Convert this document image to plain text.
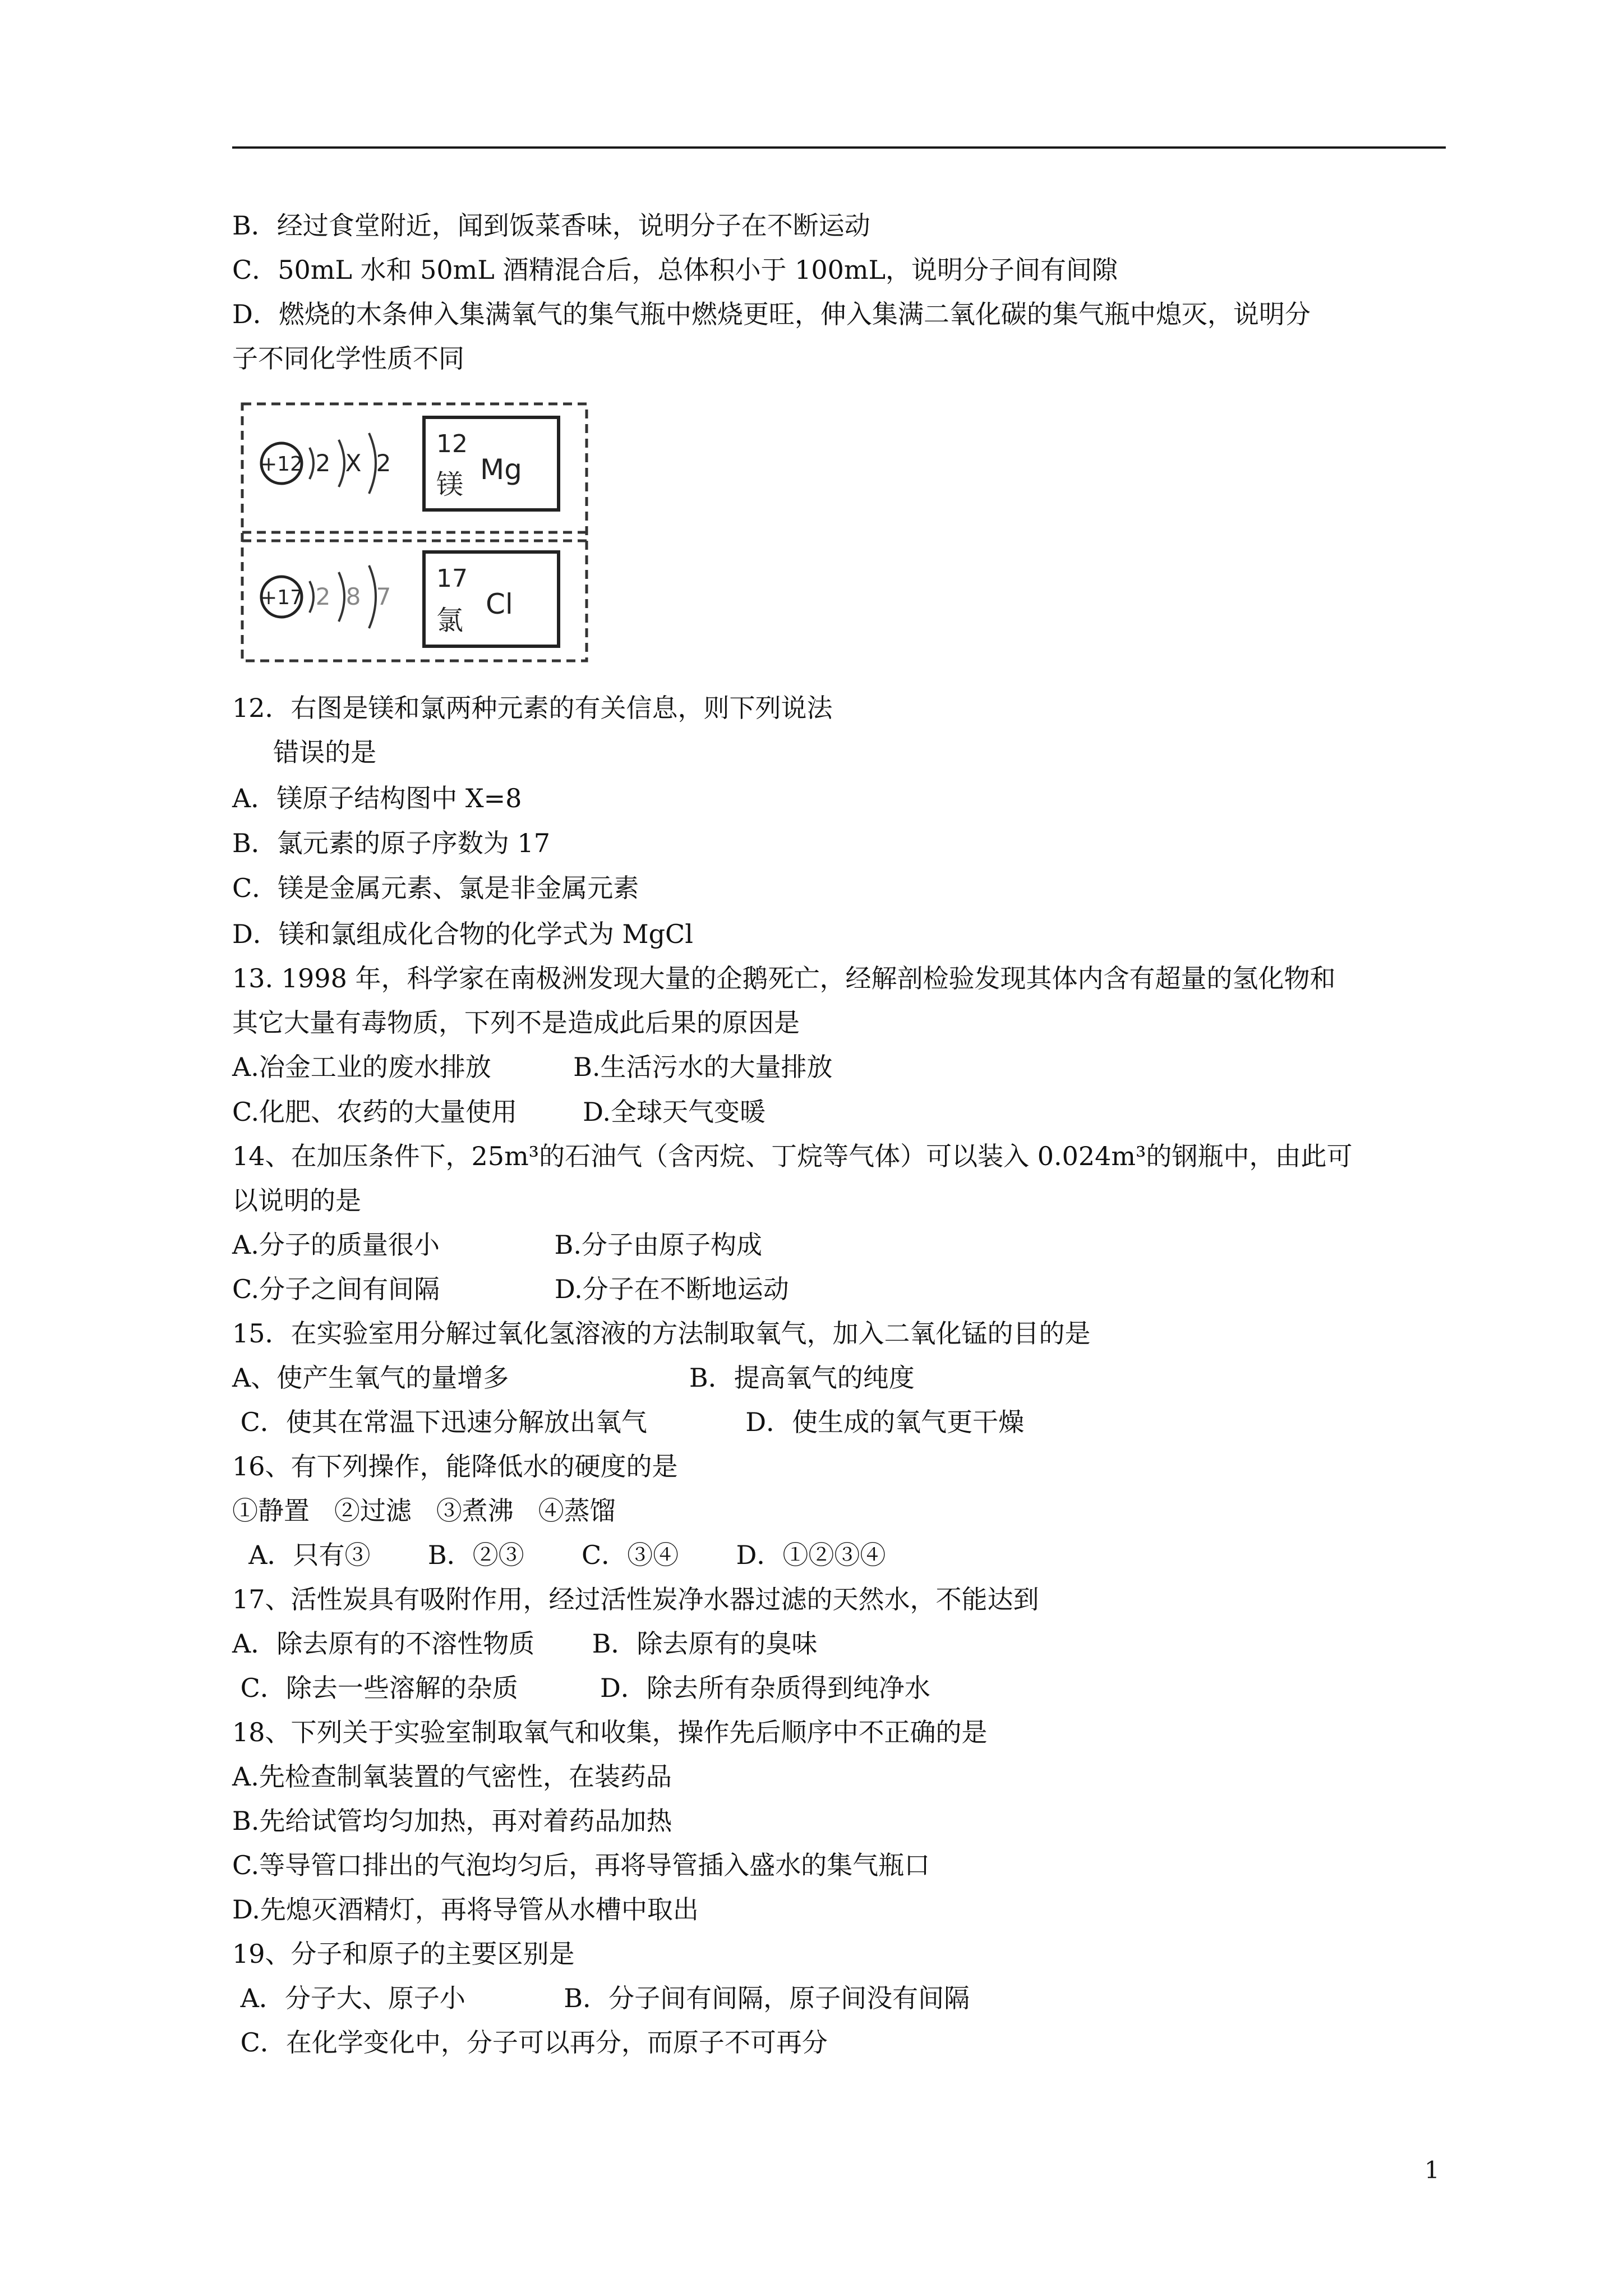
B．经过食堂附近，闻到饭菜香味，说明分子在不断运动
C．50mL 水和 50mL 酒精混合后，总体积小于 100mL，说明分子间有间隙
D．燃烧的木条伸入集满氧气的集气瓶中燃烧更旺，伸入集满二氧化碳的集气瓶中熄灭，说明分
子不同化学性质不同
+12 2 X 2
12
镁 Mg
+17 2 8 7
17
氯 Cl
12．右图是镁和氯两种元素的有关信息，则下列说法
错误的是
A．镁原子结构图中 X=8
B．氯元素的原子序数为 17
C．镁是金属元素、氯是非金属元素
D．镁和氯组成化合物的化学式为 MgCl
13. 1998 年，科学家在南极洲发现大量的企鹅死亡，经解剖检验发现其体内含有超量的氢化物和
其它大量有毒物质，下列不是造成此后果的原因是
A.冶金工业的废水排放          B.生活污水的大量排放
C.化肥、农药的大量使用        D.全球天气变暖
14、在加压条件下，25m³的石油气（含丙烷、丁烷等气体）可以装入 0.024m³的钢瓶中，由此可
以说明的是
A.分子的质量很小              B.分子由原子构成
C.分子之间有间隔              D.分子在不断地运动
15．在实验室用分解过氧化氢溶液的方法制取氧气，加入二氧化锰的目的是
A、使产生氧气的量增多                      B．提高氧气的纯度
C．使其在常温下迅速分解放出氧气            D．使生成的氧气更干燥
16、有下列操作，能降低水的硬度的是
①静置   ②过滤   ③煮沸   ④蒸馏
A．只有③       B．②③       C．③④       D．①②③④
17、活性炭具有吸附作用，经过活性炭净水器过滤的天然水，不能达到
A．除去原有的不溶性物质       B．除去原有的臭味
C．除去一些溶解的杂质          D．除去所有杂质得到纯净水
18、下列关于实验室制取氧气和收集，操作先后顺序中不正确的是
A.先检查制氧装置的气密性，在装药品
B.先给试管均匀加热，再对着药品加热
C.等导管口排出的气泡均匀后，再将导管插入盛水的集气瓶口
D.先熄灭酒精灯，再将导管从水槽中取出
19、分子和原子的主要区别是
A．分子大、原子小            B．分子间有间隔，原子间没有间隔
C．在化学变化中，分子可以再分，而原子不可再分
1
